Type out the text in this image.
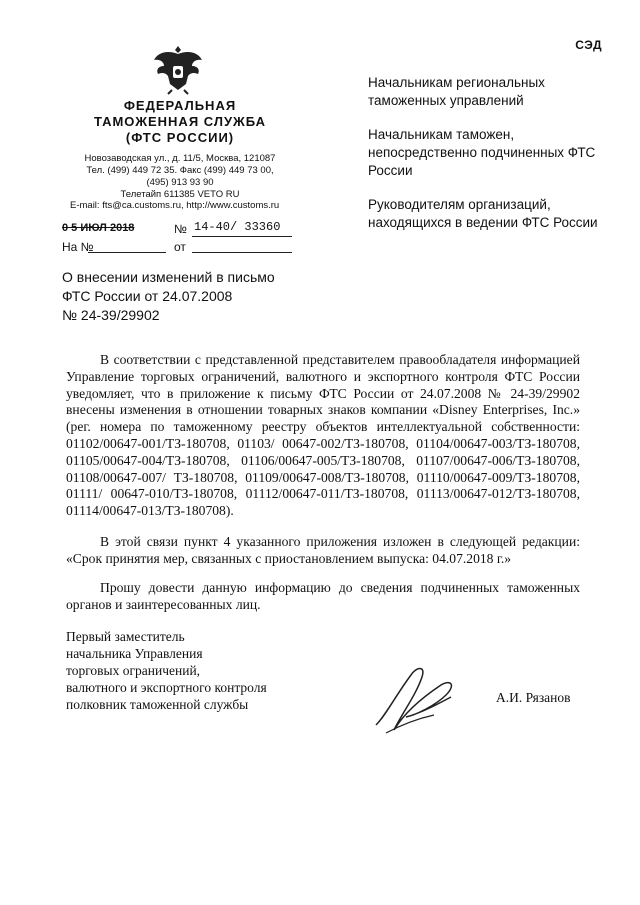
СЭД
ФЕДЕРАЛЬНАЯ
ТАМОЖЕННАЯ СЛУЖБА
(ФТС РОССИИ)
Новозаводская ул., д. 11/5, Москва, 121087
Тел. (499) 449 72 35. Факс (499) 449 73 00,
(495) 913 93 90
Телетайп 611385 VETO RU
E-mail: fts@ca.customs.ru, http://www.customs.ru
0 5 ИЮЛ 2018	№ 14-40/ 33360
На №	от
Начальникам региональных таможенных управлений
Начальникам таможен, непосредственно подчиненных ФТС России
Руководителям организаций, находящихся в ведении ФТС России
О внесении изменений в письмо
ФТС России от 24.07.2008
№ 24-39/29902
В соответствии с представленной представителем правообладателя информацией Управление торговых ограничений, валютного и экспортного контроля ФТС России уведомляет, что в приложение к письму ФТС России от 24.07.2008 № 24-39/29902 внесены изменения в отношении товарных знаков компании «Disney Enterprises, Inc.» (рег. номера по таможенному реестру объектов интеллектуальной собственности: 01102/00647-001/ТЗ-180708, 01103/ 00647-002/ТЗ-180708, 01104/00647-003/ТЗ-180708, 01105/00647-004/ТЗ-180708, 01106/00647-005/ТЗ-180708, 01107/00647-006/ТЗ-180708, 01108/00647-007/ ТЗ-180708, 01109/00647-008/ТЗ-180708, 01110/00647-009/ТЗ-180708, 01111/ 00647-010/ТЗ-180708, 01112/00647-011/ТЗ-180708, 01113/00647-012/ТЗ-180708, 01114/00647-013/ТЗ-180708).
В этой связи пункт 4 указанного приложения изложен в следующей редакции: «Срок принятия мер, связанных с приостановлением выпуска: 04.07.2018 г.»
Прошу довести данную информацию до сведения подчиненных таможенных органов и заинтересованных лиц.
Первый заместитель
начальника Управления
торговых ограничений,
валютного и экспортного контроля
полковник таможенной службы	А.И. Рязанов
